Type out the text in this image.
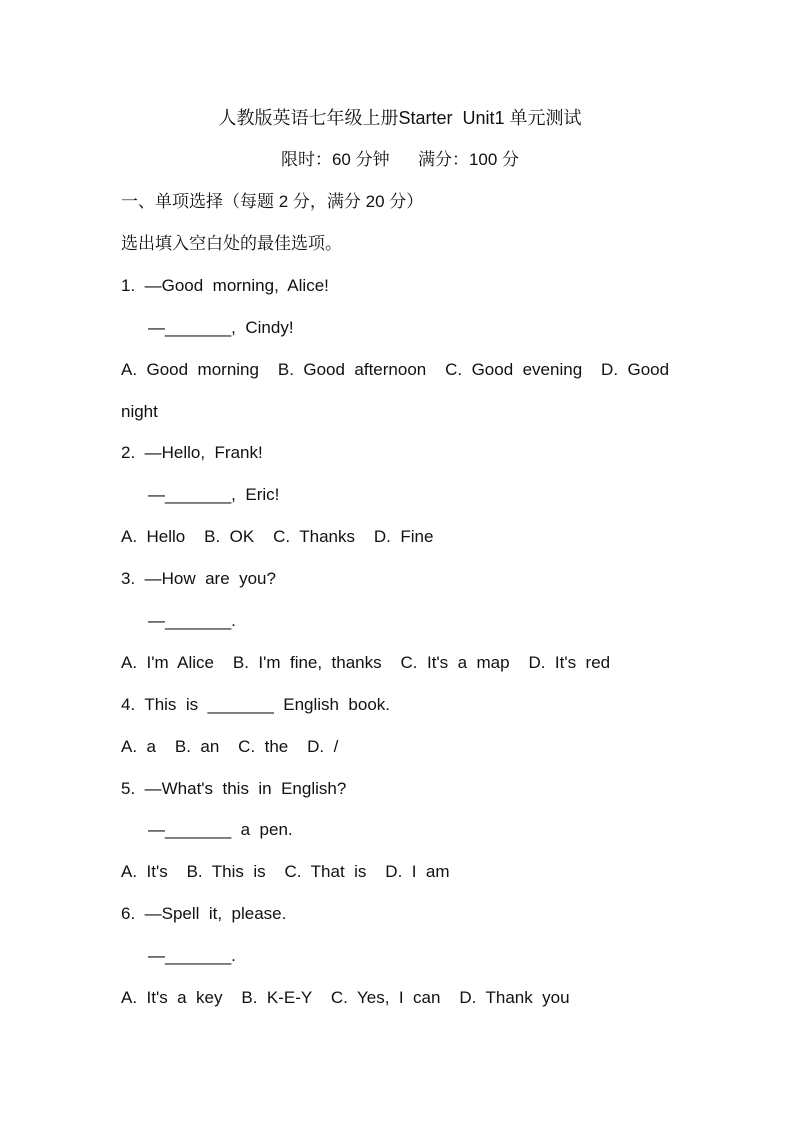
人教版英语七年级上册Starter  Unit1 单元测试
限时：60 分钟      满分：100 分
一、单项选择（每题 2 分，满分 20 分）
选出填入空白处的最佳选项。
1.  —Good  morning,  Alice!
—_______,  Cindy!
A.  Good  morning    B.  Good  afternoon    C.  Good  evening    D.  Good
night
2.  —Hello,  Frank!
—_______,  Eric!
A.  Hello    B.  OK    C.  Thanks    D.  Fine
3.  —How  are  you?
—_______.
A.  I'm  Alice    B.  I'm  fine,  thanks    C.  It's  a  map    D.  It's  red
4.  This  is  _______  English  book.
A.  a    B.  an    C.  the    D.  /
5.  —What's  this  in  English?
—_______  a  pen.
A.  It's    B.  This  is    C.  That  is    D.  I  am
6.  —Spell  it,  please.
—_______.
A.  It's  a  key    B.  K-E-Y    C.  Yes,  I  can    D.  Thank  you
